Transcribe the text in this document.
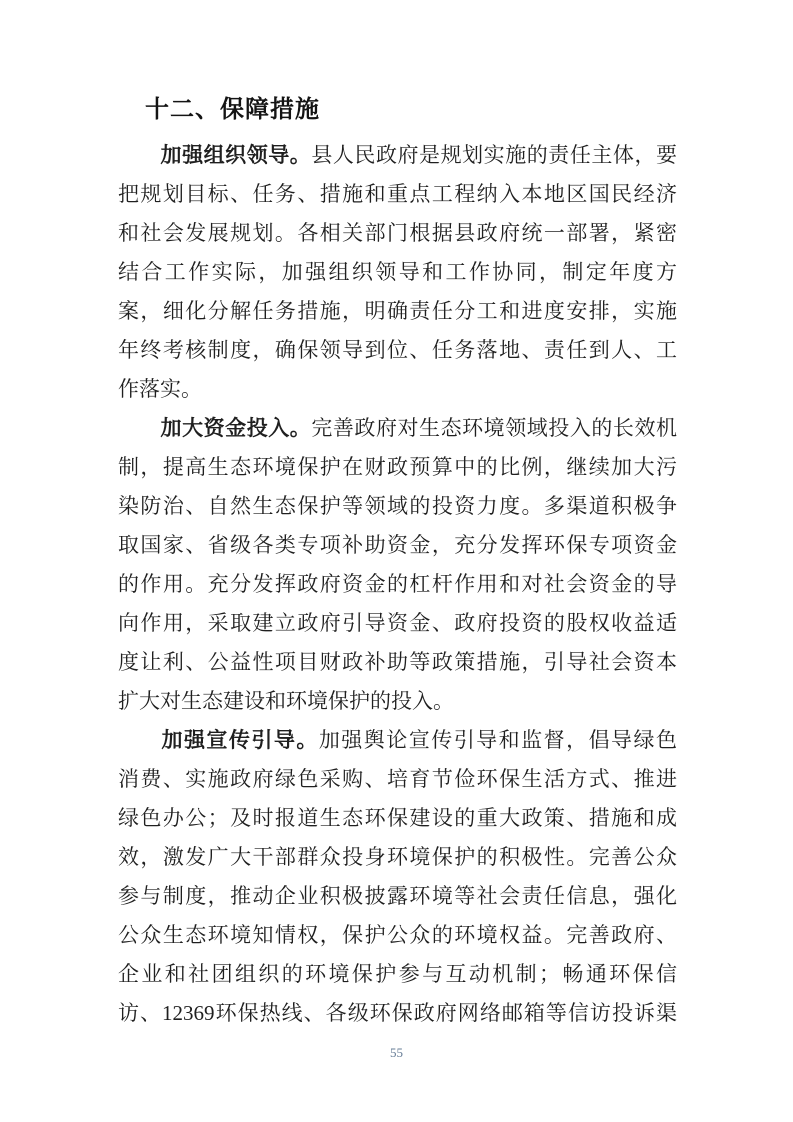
十二、保障措施
加强组织领导。县人民政府是规划实施的责任主体，要
把规划目标、任务、措施和重点工程纳入本地区国民经济
和社会发展规划。各相关部门根据县政府统一部署，紧密
结合工作实际，加强组织领导和工作协同，制定年度方
案，细化分解任务措施，明确责任分工和进度安排，实施
年终考核制度，确保领导到位、任务落地、责任到人、工
作落实。
加大资金投入。完善政府对生态环境领域投入的长效机
制，提高生态环境保护在财政预算中的比例，继续加大污
染防治、自然生态保护等领域的投资力度。多渠道积极争
取国家、省级各类专项补助资金，充分发挥环保专项资金
的作用。充分发挥政府资金的杠杆作用和对社会资金的导
向作用，采取建立政府引导资金、政府投资的股权收益适
度让利、公益性项目财政补助等政策措施，引导社会资本
扩大对生态建设和环境保护的投入。
加强宣传引导。加强舆论宣传引导和监督，倡导绿色
消费、实施政府绿色采购、培育节俭环保生活方式、推进
绿色办公；及时报道生态环保建设的重大政策、措施和成
效，激发广大干部群众投身环境保护的积极性。完善公众
参与制度，推动企业积极披露环境等社会责任信息，强化
公众生态环境知情权，保护公众的环境权益。完善政府、
企业和社团组织的环境保护参与互动机制；畅通环保信
访、12369环保热线、各级环保政府网络邮箱等信访投诉渠
55
